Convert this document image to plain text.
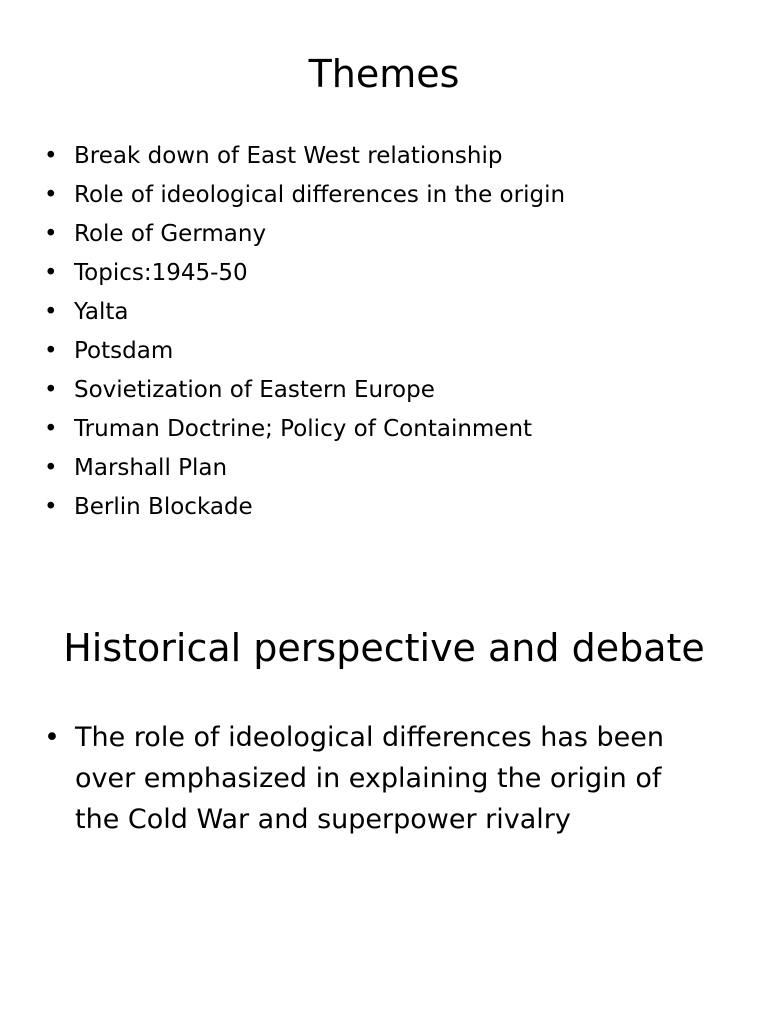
Themes
• Break down of East West relationship
• Role of ideological differences in the origin
• Role of Germany
• Topics:1945-50
• Yalta
• Potsdam
• Sovietization of Eastern Europe
• Truman Doctrine; Policy of Containment
• Marshall Plan
• Berlin Blockade
Historical perspective and debate
• The role of ideological differences has been over emphasized in explaining the origin of the Cold War and superpower rivalry
